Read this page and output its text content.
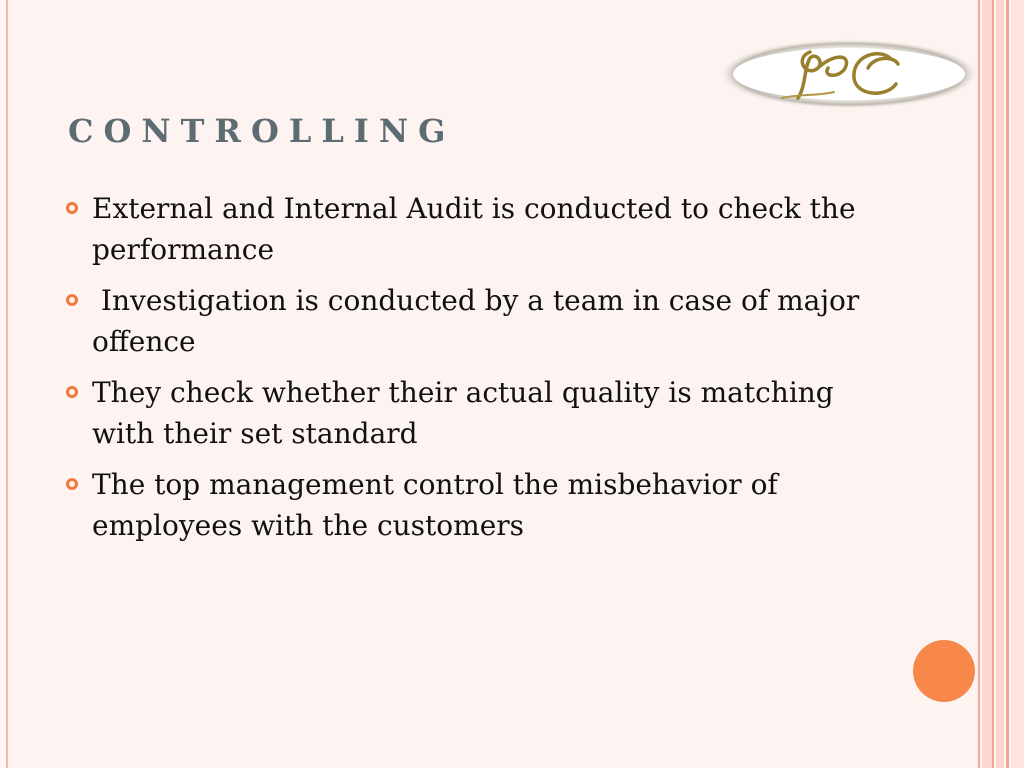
controlling
External and Internal Audit is conducted to check the performance
Investigation is conducted by a team in case of major offence
They check whether their actual quality is matching with their set standard
The top management control the misbehavior of employees with the customers
